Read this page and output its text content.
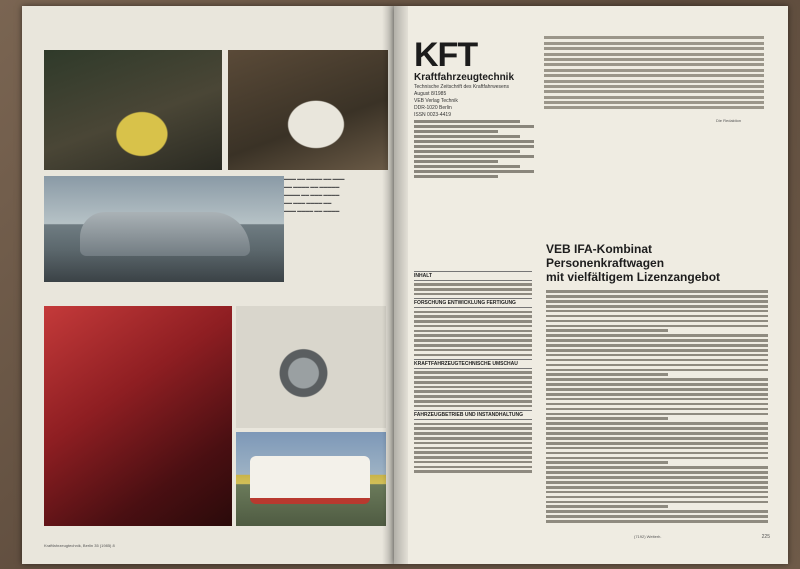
▬▬▬ ▬▬ ▬▬▬▬ ▬▬ ▬▬▬
▬▬ ▬▬▬▬ ▬▬ ▬▬▬▬▬
▬▬▬▬ ▬▬ ▬▬▬ ▬▬▬▬
▬▬ ▬▬▬ ▬▬▬▬ ▬▬
▬▬▬ ▬▬▬▬ ▬▬ ▬▬▬▬
Kraftfahrzeugtechnik, Berlin 35 (1985) 8
KFT
Kraftfahrzeugtechnik
Technische Zeitschrift des Kraftfahrwesens
August 8/1985
VEB Verlag Technik
DDR-1020 Berlin
ISSN 0023-4419
Die Redaktion
INHALT
FORSCHUNG ENTWICKLUNG FERTIGUNG
KRAFTFAHRZEUGTECHNISCHE UMSCHAU
FAHRZEUGBETRIEB UND INSTANDHALTUNG
VEB IFA-Kombinat
Personenkraftwagen
mit vielfältigem Lizenzangebot
(7192) Weiterh.	225
